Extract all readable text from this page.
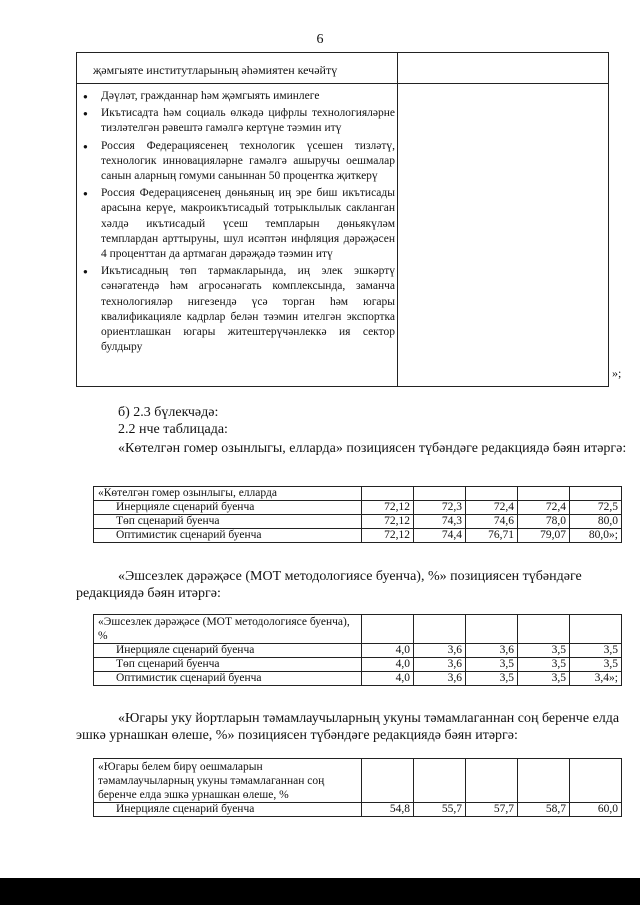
6
җәмгыяте институтларының әһәмиятен кечәйтү
●	Дәүләт, гражданнар һәм җәмгыять иминлеге
●	Икътисадта һәм социаль өлкәдә цифрлы технологияләрне тизләтелгән рәвештә гамәлгә кертүне тәэмин итү
●	Россия Федерациясенең технологик үсешен тизләтү, технологик инновацияләрне гамәлгә ашыручы оешмалар санын аларның гомуми саныннан 50 процентка җиткерү
●	Россия Федерациясенең дөньяның иң эре биш икътисады арасына керүе, макроикътисадый тотрыклылык сакланган хәлдә икътисадый үсеш темпларын дөньякүләм темплардан арттыруны, шул исәптән инфляция дәрәҗәсен 4 проценттан да артмаган дәрәҗәдә тәэмин итү
●	Икътисадның төп тармакларында, иң элек эшкәртү сәнәгатендә һәм агросәнәгать комплексында, заманча технологияләр нигезендә үсә торган һәм югары квалификацияле кадрлар белән тәэмин ителгән экспортка ориентлашкан югары житештерүчәнлеккә ия сектор булдыру
»;
б) 2.3 бүлекчәдә:
2.2 нче таблицада:
«Көтелгән гомер озынлыгы, елларда» позициясен түбәндәге редакциядә бәян итәргә:
«Көтелгән гомер озынлыгы, елларда					
Инерцияле сценарий буенча	72,12	72,3	72,4	72,4	72,5
Төп сценарий буенча	72,12	74,3	74,6	78,0	80,0
Оптимистик сценарий буенча	72,12	74,4	76,71	79,07	80,0»;
«Эшсезлек дәрәҗәсе (МОТ методологиясе буенча), %» позициясен түбәндәге редакциядә бәян итәргә:
«Эшсезлек дәрәҗәсе (МОТ методологиясе буенча), %					
Инерцияле сценарий буенча	4,0	3,6	3,6	3,5	3,5
Төп сценарий буенча	4,0	3,6	3,5	3,5	3,5
Оптимистик сценарий буенча	4,0	3,6	3,5	3,5	3,4»;
«Югары уку йортларын тәмамлаучыларның укуны тәмамлаганнан соң беренче елда эшкә урнашкан өлеше, %» позициясен түбәндәге редакциядә бәян итәргә:
«Югары белем бирү оешмаларын тәмамлаучыларның укуны тәмамлаганнан соң беренче елда эшкә урнашкан өлеше, %					
Инерцияле сценарий буенча	54,8	55,7	57,7	58,7	60,0
